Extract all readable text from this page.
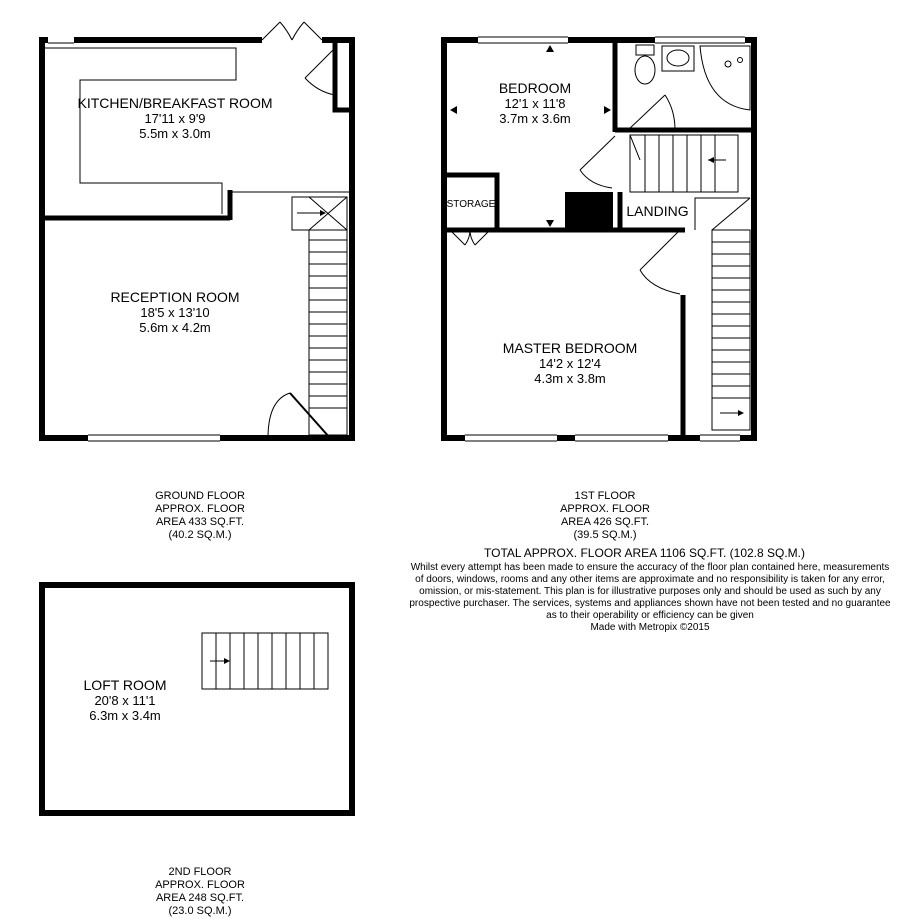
KITCHEN/BREAKFAST ROOM
17'11 x 9'9
5.5m x 3.0m
RECEPTION ROOM
18'5 x 13'10
5.6m x 4.2m
BEDROOM
12'1 x 11'8
3.7m x 3.6m
STORAGE	LANDING
MASTER BEDROOM
14'2 x 12'4
4.3m x 3.8m
LOFT ROOM
20'8 x 11'1
6.3m x 3.4m
GROUND FLOOR
APPROX. FLOOR
AREA 433 SQ.FT.
(40.2 SQ.M.)
1ST FLOOR
APPROX. FLOOR
AREA 426 SQ.FT.
(39.5 SQ.M.)
TOTAL APPROX. FLOOR AREA 1106 SQ.FT. (102.8 SQ.M.)
Whilst every attempt has been made to ensure the accuracy of the floor plan contained here, measurements
of doors, windows, rooms and any other items are approximate and no responsibility is taken for any error,
omission, or mis-statement. This plan is for illustrative purposes only and should be used as such by any
prospective purchaser. The services, systems and appliances shown have not been tested and no guarantee
as to their operability or efficiency can be given
Made with Metropix ©2015
2ND FLOOR
APPROX. FLOOR
AREA 248 SQ.FT.
(23.0 SQ.M.)
